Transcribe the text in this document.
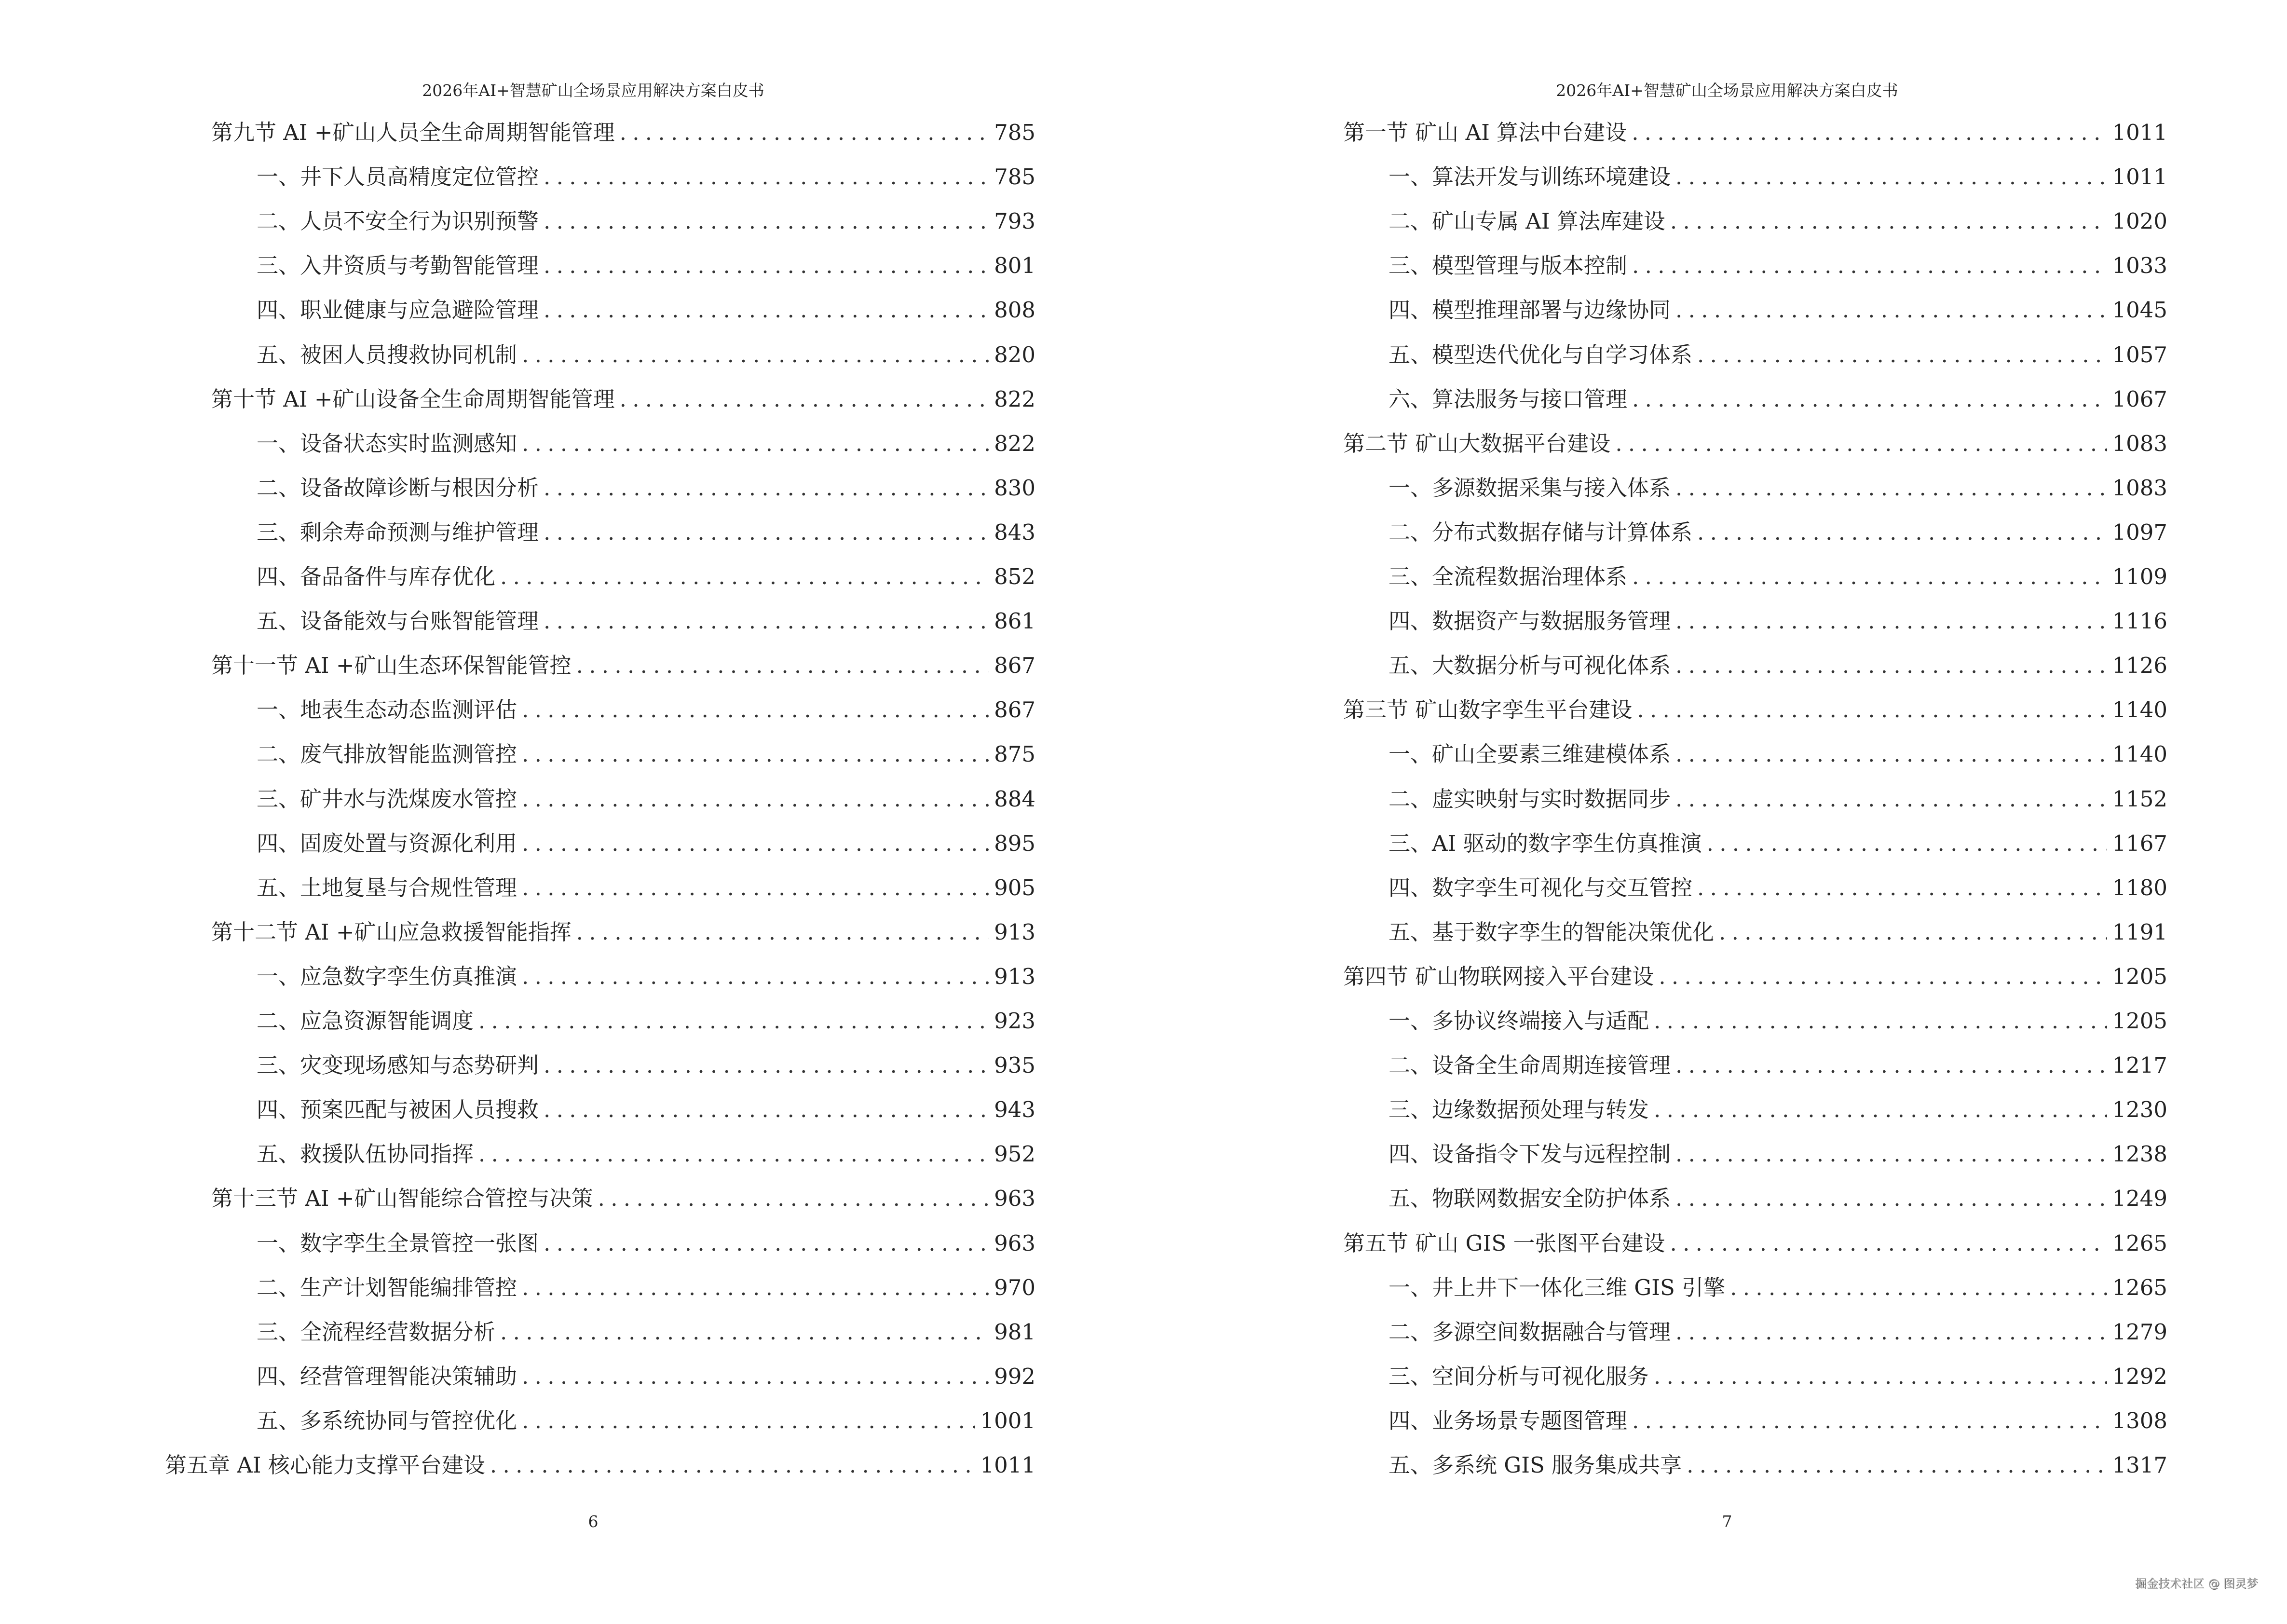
2026年AI+智慧矿山全场景应用解决方案白皮书
第九节 AI +矿山人员全生命周期智能管理 . . .	785
一、井下人员高精度定位管控 . . .	785
二、人员不安全行为识别预警 . . .	793
三、入井资质与考勤智能管理 . . .	801
四、职业健康与应急避险管理 . . .	808
五、被困人员搜救协同机制 . . .	820
第十节 AI +矿山设备全生命周期智能管理 . . .	822
一、设备状态实时监测感知 . . .	822
二、设备故障诊断与根因分析 . . .	830
三、剩余寿命预测与维护管理 . . .	843
四、备品备件与库存优化 . . .	852
五、设备能效与台账智能管理 . . .	861
第十一节 AI +矿山生态环保智能管控 . . .	867
一、地表生态动态监测评估 . . .	867
二、废气排放智能监测管控 . . .	875
三、矿井水与洗煤废水管控 . . .	884
四、固废处置与资源化利用 . . .	895
五、土地复垦与合规性管理 . . .	905
第十二节 AI +矿山应急救援智能指挥 . . .	913
一、应急数字孪生仿真推演 . . .	913
二、应急资源智能调度 . . .	923
三、灾变现场感知与态势研判 . . .	935
四、预案匹配与被困人员搜救 . . .	943
五、救援队伍协同指挥 . . .	952
第十三节 AI +矿山智能综合管控与决策 . . .	963
一、数字孪生全景管控一张图 . . .	963
二、生产计划智能编排管控 . . .	970
三、全流程经营数据分析 . . .	981
四、经营管理智能决策辅助 . . .	992
五、多系统协同与管控优化 . . .	1001
第五章 AI 核心能力支撑平台建设 . . .	1011
6
2026年AI+智慧矿山全场景应用解决方案白皮书
第一节 矿山 AI 算法中台建设 . . .	1011
一、算法开发与训练环境建设 . . .	1011
二、矿山专属 AI 算法库建设 . . .	1020
三、模型管理与版本控制 . . .	1033
四、模型推理部署与边缘协同 . . .	1045
五、模型迭代优化与自学习体系 . . .	1057
六、算法服务与接口管理 . . .	1067
第二节 矿山大数据平台建设 . . .	1083
一、多源数据采集与接入体系 . . .	1083
二、分布式数据存储与计算体系 . . .	1097
三、全流程数据治理体系 . . .	1109
四、数据资产与数据服务管理 . . .	1116
五、大数据分析与可视化体系 . . .	1126
第三节 矿山数字孪生平台建设 . . .	1140
一、矿山全要素三维建模体系 . . .	1140
二、虚实映射与实时数据同步 . . .	1152
三、AI 驱动的数字孪生仿真推演 . . .	1167
四、数字孪生可视化与交互管控 . . .	1180
五、基于数字孪生的智能决策优化 . . .	1191
第四节 矿山物联网接入平台建设 . . .	1205
一、多协议终端接入与适配 . . .	1205
二、设备全生命周期连接管理 . . .	1217
三、边缘数据预处理与转发 . . .	1230
四、设备指令下发与远程控制 . . .	1238
五、物联网数据安全防护体系 . . .	1249
第五节 矿山 GIS 一张图平台建设 . . .	1265
一、井上井下一体化三维 GIS 引擎 . . .	1265
二、多源空间数据融合与管理 . . .	1279
三、空间分析与可视化服务 . . .	1292
四、业务场景专题图管理 . . .	1308
五、多系统 GIS 服务集成共享 . . .	1317
7
掘金技术社区 @ 图灵梦
